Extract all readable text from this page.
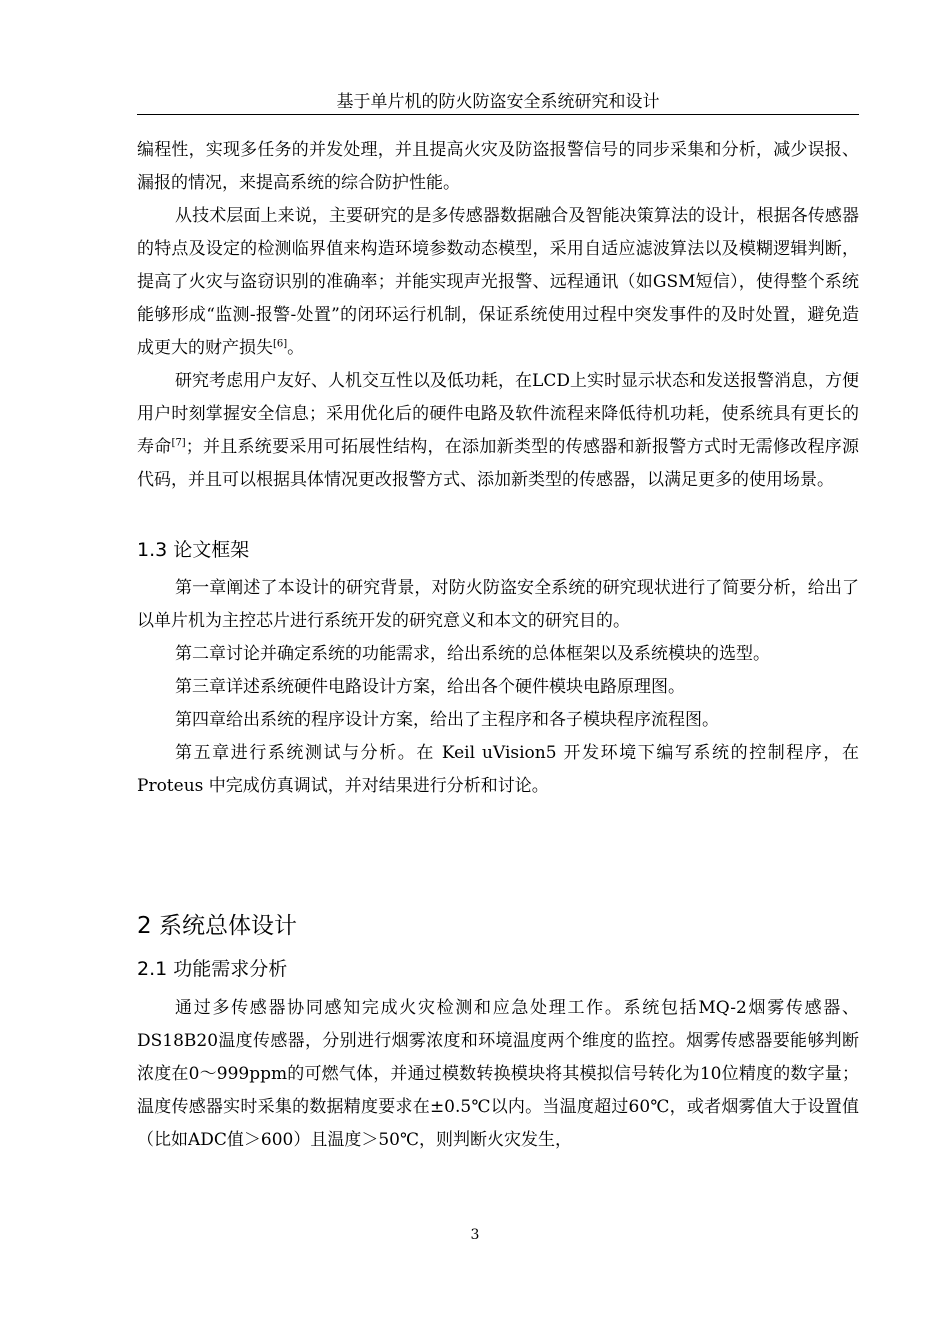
基于单片机的防火防盗安全系统研究和设计

编程性，实现多任务的并发处理，并且提高火灾及防盗报警信号的同步采集和分析，减少误报、漏报的情况，来提高系统的综合防护性能。

从技术层面上来说，主要研究的是多传感器数据融合及智能决策算法的设计，根据各传感器的特点及设定的检测临界值来构造环境参数动态模型，采用自适应滤波算法以及模糊逻辑判断，提高了火灾与盗窃识别的准确率；并能实现声光报警、远程通讯（如GSM短信），使得整个系统能够形成“监测-报警-处置”的闭环运行机制，保证系统使用过程中突发事件的及时处置，避免造成更大的财产损失[6]。

研究考虑用户友好、人机交互性以及低功耗，在LCD上实时显示状态和发送报警消息，方便用户时刻掌握安全信息；采用优化后的硬件电路及软件流程来降低待机功耗，使系统具有更长的寿命[7]；并且系统要采用可拓展性结构，在添加新类型的传感器和新报警方式时无需修改程序源代码，并且可以根据具体情况更改报警方式、添加新类型的传感器，以满足更多的使用场景。

1.3 论文框架

第一章阐述了本设计的研究背景，对防火防盗安全系统的研究现状进行了简要分析，给出了以单片机为主控芯片进行系统开发的研究意义和本文的研究目的。

第二章讨论并确定系统的功能需求，给出系统的总体框架以及系统模块的选型。

第三章详述系统硬件电路设计方案，给出各个硬件模块电路原理图。

第四章给出系统的程序设计方案，给出了主程序和各子模块程序流程图。

第五章进行系统测试与分析。在 Keil uVision5 开发环境下编写系统的控制程序，在 Proteus 中完成仿真调试，并对结果进行分析和讨论。

2 系统总体设计
2.1 功能需求分析

通过多传感器协同感知完成火灾检测和应急处理工作。系统包括MQ-2烟雾传感器、DS18B20温度传感器，分别进行烟雾浓度和环境温度两个维度的监控。烟雾传感器要能够判断浓度在0～999ppm的可燃气体，并通过模数转换模块将其模拟信号转化为10位精度的数字量；温度传感器实时采集的数据精度要求在±0.5℃以内。当温度超过60℃，或者烟雾值大于设置值（比如ADC值＞600）且温度＞50℃，则判断火灾发生，

3
